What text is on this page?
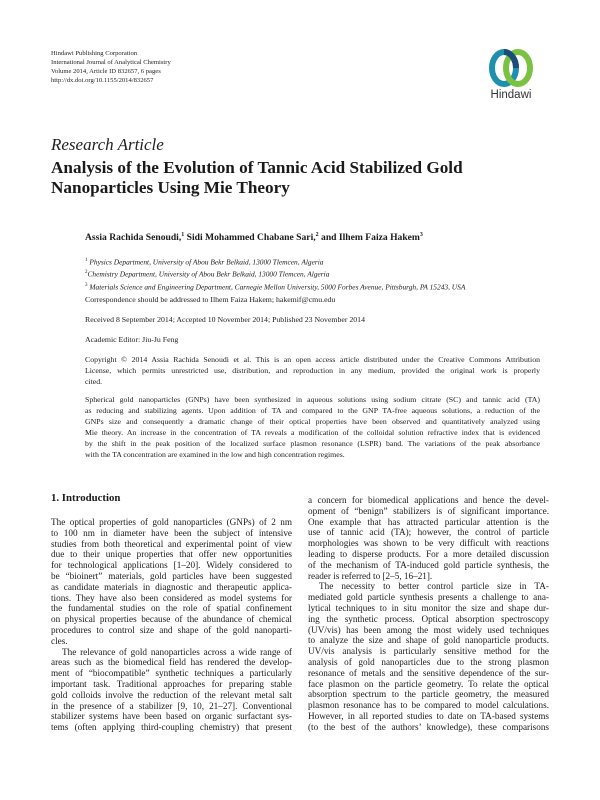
Hindawi Publishing Corporation
International Journal of Analytical Chemistry
Volume 2014, Article ID 832657, 6 pages
http://dx.doi.org/10.1155/2014/832657
Hindawi
Research Article
Analysis of the Evolution of Tannic Acid Stabilized Gold
Nanoparticles Using Mie Theory
Assia Rachida Senoudi,$^1$ Sidi Mohammed Chabane Sari,$^2$ and Ilhem Faiza Hakem$^3$
$^1$ Physics Department, University of Abou Bekr Belkaid, 13000 Tlemcen, Algeria
$^2$Chemistry Department, University of Abou Bekr Belkaid, 13000 Tlemcen, Algeria
$^3$ Materials Science and Engineering Department, Carnegie Mellon University, 5000 Forbes Avenue, Pittsburgh, PA 15243, USA
Correspondence should be addressed to Ilhem Faiza Hakem; hakemif@cmu.edu
Received 8 September 2014; Accepted 10 November 2014; Published 23 November 2014
Academic Editor: Jiu-Ju Feng
Copyright © 2014 Assia Rachida Senoudi et al. This is an open access article distributed under the Creative Commons Attribution
License, which permits unrestricted use, distribution, and reproduction in any medium, provided the original work is properly
cited.
Spherical gold nanoparticles (GNPs) have been synthesized in aqueous solutions using sodium citrate (SC) and tannic acid (TA)
as reducing and stabilizing agents. Upon addition of TA and compared to the GNP TA-free aqueous solutions, a reduction of the
GNPs size and consequently a dramatic change of their optical properties have been observed and quantitatively analyzed using
Mie theory. An increase in the concentration of TA reveals a modification of the colloidal solution refractive index that is evidenced
by the shift in the peak position of the localized surface plasmon resonance (LSPR) band. The variations of the peak absorbance
with the TA concentration are examined in the low and high concentration regimes.
1. Introduction
The optical properties of gold nanoparticles (GNPs) of 2 nm
to 100 nm in diameter have been the subject of intensive
studies from both theoretical and experimental point of view
due to their unique properties that offer new opportunities
for technological applications [1–20]. Widely considered to
be “bioinert” materials, gold particles have been suggested
as candidate materials in diagnostic and therapeutic applica-
tions. They have also been considered as model systems for
the fundamental studies on the role of spatial confinement
on physical properties because of the abundance of chemical
procedures to control size and shape of the gold nanoparti-
cles.
The relevance of gold nanoparticles across a wide range of
areas such as the biomedical field has rendered the develop-
ment of “biocompatible” synthetic techniques a particularly
important task. Traditional approaches for preparing stable
gold colloids involve the reduction of the relevant metal salt
in the presence of a stabilizer [9, 10, 21–27]. Conventional
stabilizer systems have been based on organic surfactant sys-
tems (often applying third-coupling chemistry) that present
a concern for biomedical applications and hence the devel-
opment of “benign” stabilizers is of significant importance.
One example that has attracted particular attention is the
use of tannic acid (TA); however, the control of particle
morphologies was shown to be very difficult with reactions
leading to disperse products. For a more detailed discussion
of the mechanism of TA-induced gold particle synthesis, the
reader is referred to [2–5, 16–21].
The necessity to better control particle size in TA-
mediated gold particle synthesis presents a challenge to ana-
lytical techniques to in situ monitor the size and shape dur-
ing the synthetic process. Optical absorption spectroscopy
(UV/vis) has been among the most widely used techniques
to analyze the size and shape of gold nanoparticle products.
UV/vis analysis is particularly sensitive method for the
analysis of gold nanoparticles due to the strong plasmon
resonance of metals and the sensitive dependence of the sur-
face plasmon on the particle geometry. To relate the optical
absorption spectrum to the particle geometry, the measured
plasmon resonance has to be compared to model calculations.
However, in all reported studies to date on TA-based systems
(to the best of the authors’ knowledge), these comparisons
